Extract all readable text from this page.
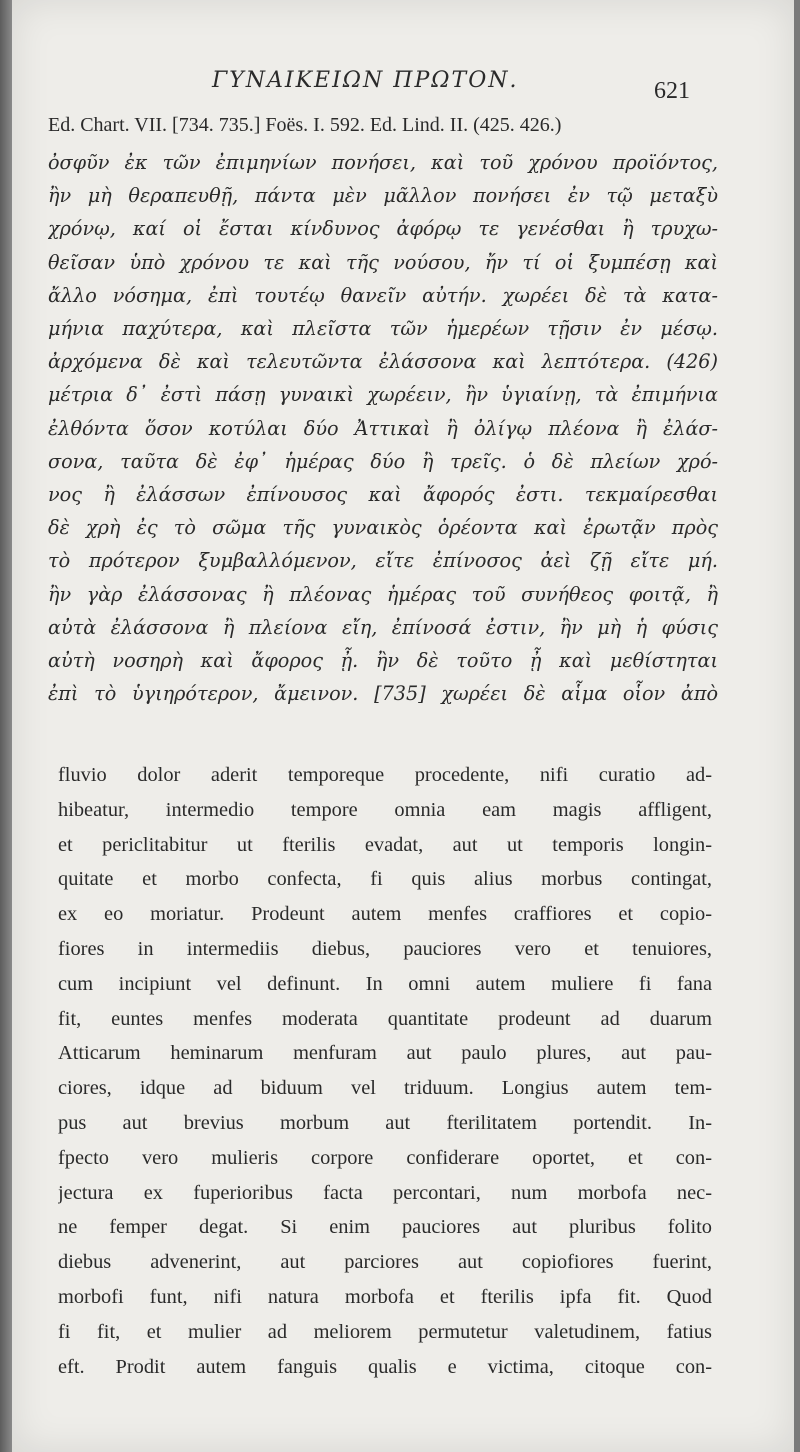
ΓΥΝΑΙΚΕΙΩΝ ΠΡΩΤΟΝ.	621
Ed. Chart. VII. [734. 735.] Foës. I. 592. Ed. Lind. II. (425. 426.)
ὀσφῦν ἐκ τῶν ἐπιμηνίων πονήσει, καὶ τοῦ χρόνου προϊόντος,
ἢν μὴ θεραπευθῇ, πάντα μὲν μᾶλλον πονήσει ἐν τῷ μεταξὺ
χρόνῳ, καί οἱ ἔσται κίνδυνος ἀφόρῳ τε γενέσθαι ἢ τρυχω-
θεῖσαν ὑπὸ χρόνου τε καὶ τῆς νούσου, ἤν τί οἱ ξυμπέσῃ καὶ
ἄλλο νόσημα, ἐπὶ τουτέῳ θανεῖν αὐτήν. χωρέει δὲ τὰ κατα-
μήνια παχύτερα, καὶ πλεῖστα τῶν ἡμερέων τῇσιν ἐν μέσῳ.
ἀρχόμενα δὲ καὶ τελευτῶντα ἐλάσσονα καὶ λεπτότερα. (426)
μέτρια δ᾽ ἐστὶ πάσῃ γυναικὶ χωρέειν, ἢν ὑγιαίνῃ, τὰ ἐπιμήνια
ἐλθόντα ὅσον κοτύλαι δύο Ἀττικαὶ ἢ ὀλίγῳ πλέονα ἢ ἐλάσ-
σονα, ταῦτα δὲ ἐφ᾽ ἡμέρας δύο ἢ τρεῖς. ὁ δὲ πλείων χρό-
νος ἢ ἐλάσσων ἐπίνουσος καὶ ἄφορός ἐστι. τεκμαίρεσθαι
δὲ χρὴ ἐς τὸ σῶμα τῆς γυναικὸς ὁρέοντα καὶ ἐρωτᾷν πρὸς
τὸ πρότερον ξυμβαλλόμενον, εἴτε ἐπίνοσος ἀεὶ ζῇ εἴτε μή.
ἢν γὰρ ἐλάσσονας ἢ πλέονας ἡμέρας τοῦ συνήθεος φοιτᾷ, ἢ
αὐτὰ ἐλάσσονα ἢ πλείονα εἴη, ἐπίνοσά ἐστιν, ἢν μὴ ἡ φύσις
αὐτὴ νοσηρὴ καὶ ἄφορος ᾖ. ἢν δὲ τοῦτο ᾖ καὶ μεθίστηται
ἐπὶ τὸ ὑγιηρότερον, ἄμεινον. [735] χωρέει δὲ αἷμα οἷον ἀπὸ
fluvio dolor aderit temporeque procedente, nifi curatio ad-
hibeatur, intermedio tempore omnia eam magis affligent,
et periclitabitur ut fterilis evadat, aut ut temporis longin-
quitate et morbo confecta, fi quis alius morbus contingat,
ex eo moriatur. Prodeunt autem menfes craffiores et copio-
fiores in intermediis diebus, pauciores vero et tenuiores,
cum incipiunt vel definunt. In omni autem muliere fi fana
fit, euntes menfes moderata quantitate prodeunt ad duarum
Atticarum heminarum menfuram aut paulo plures, aut pau-
ciores, idque ad biduum vel triduum. Longius autem tem-
pus aut brevius morbum aut fterilitatem portendit. In-
fpecto vero mulieris corpore confiderare oportet, et con-
jectura ex fuperioribus facta percontari, num morbofa nec-
ne femper degat. Si enim pauciores aut pluribus folito
diebus advenerint, aut parciores aut copiofiores fuerint,
morbofi funt, nifi natura morbofa et fterilis ipfa fit. Quod
fi fit, et mulier ad meliorem permutetur valetudinem, fatius
eft. Prodit autem fanguis qualis e victima, citoque con-
